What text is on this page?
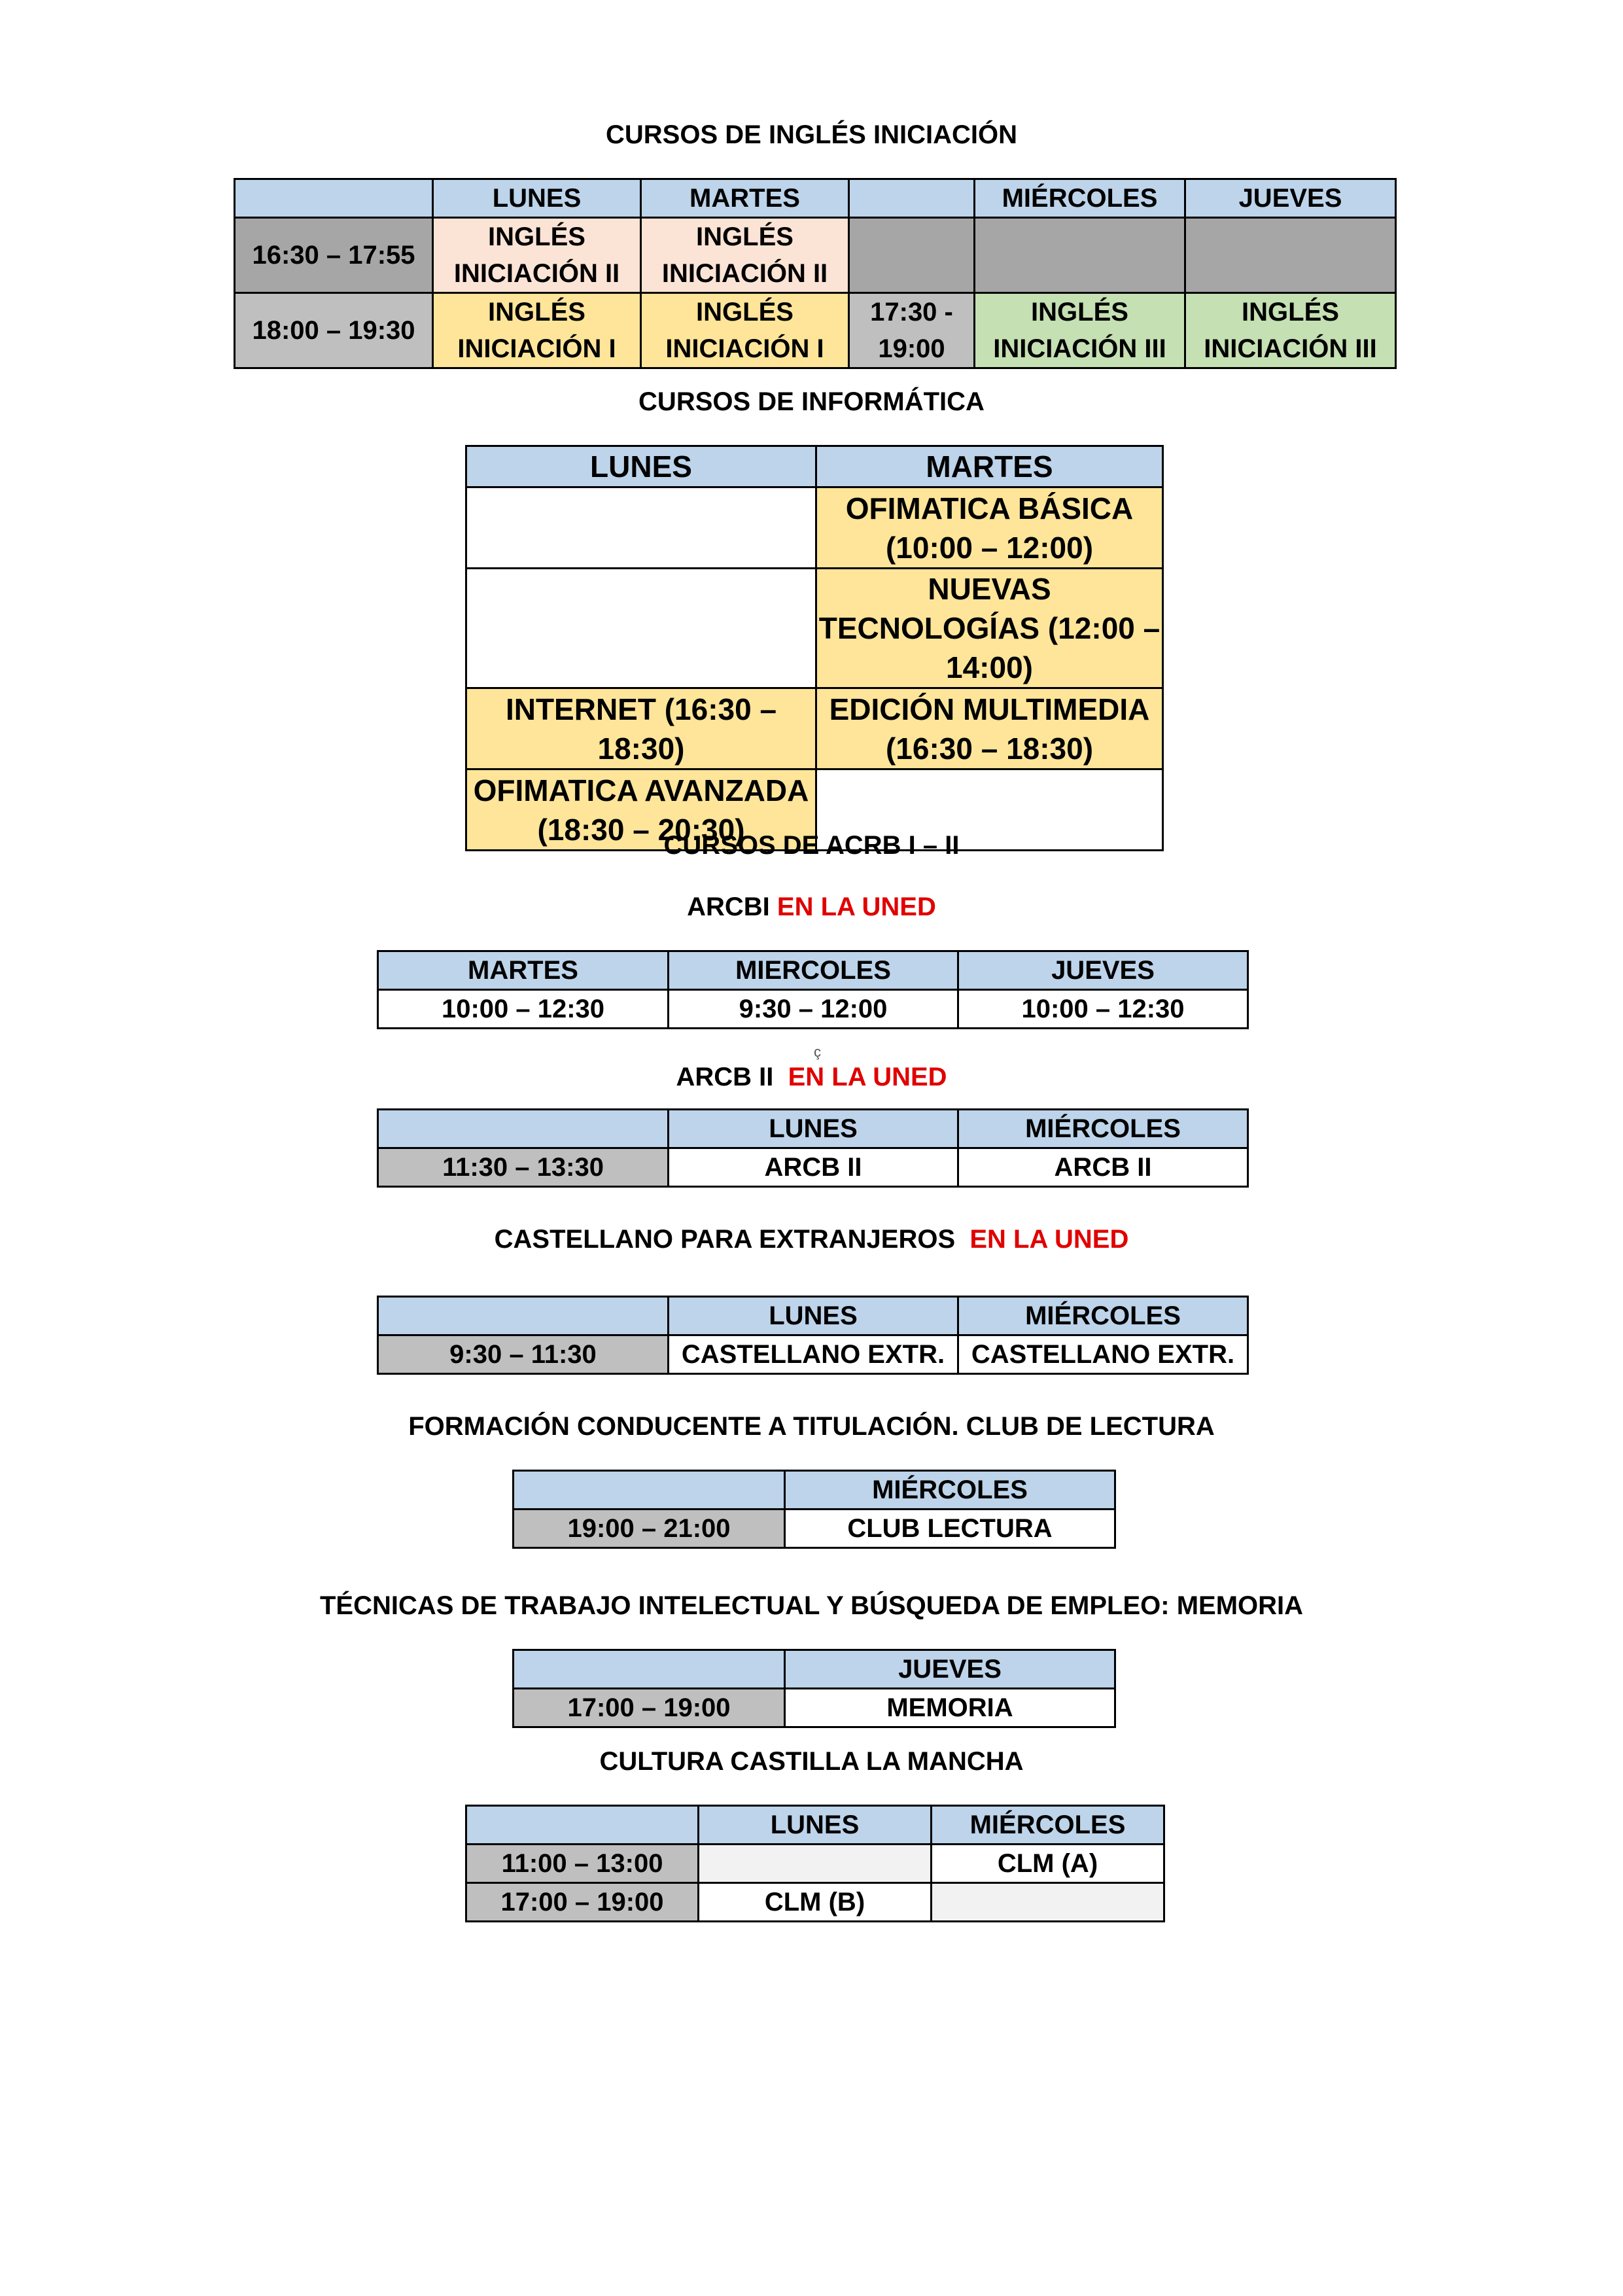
CURSOS DE INGLÉS INICIACIÓN
	LUNES	MARTES		MIÉRCOLES	JUEVES
16:30 – 17:55	INGLÉS INICIACIÓN II	INGLÉS INICIACIÓN II			
18:00 – 19:30	INGLÉS INICIACIÓN I	INGLÉS INICIACIÓN I	17:30 - 19:00	INGLÉS INICIACIÓN III	INGLÉS INICIACIÓN III
CURSOS DE INFORMÁTICA
LUNES	MARTES
	OFIMATICA BÁSICA (10:00 – 12:00)
	NUEVAS TECNOLOGÍAS (12:00 – 14:00)
INTERNET (16:30 – 18:30)	EDICIÓN MULTIMEDIA (16:30 – 18:30)
OFIMATICA AVANZADA (18:30 – 20:30)	
CURSOS DE ACRB I – II
ARCBI EN LA UNED
MARTES	MIERCOLES	JUEVES
10:00 – 12:30	9:30 – 12:00	10:00 – 12:30
ç
ARCB II EN LA UNED
	LUNES	MIÉRCOLES
11:30 – 13:30	ARCB II	ARCB II
CASTELLANO PARA EXTRANJEROS EN LA UNED
	LUNES	MIÉRCOLES
9:30 – 11:30	CASTELLANO EXTR.	CASTELLANO EXTR.
FORMACIÓN CONDUCENTE A TITULACIÓN. CLUB DE LECTURA
	MIÉRCOLES
19:00 – 21:00	CLUB LECTURA
TÉCNICAS DE TRABAJO INTELECTUAL Y BÚSQUEDA DE EMPLEO: MEMORIA
	JUEVES
17:00 – 19:00	MEMORIA
CULTURA CASTILLA LA MANCHA
	LUNES	MIÉRCOLES
11:00 – 13:00		CLM (A)
17:00 – 19:00	CLM (B)	
